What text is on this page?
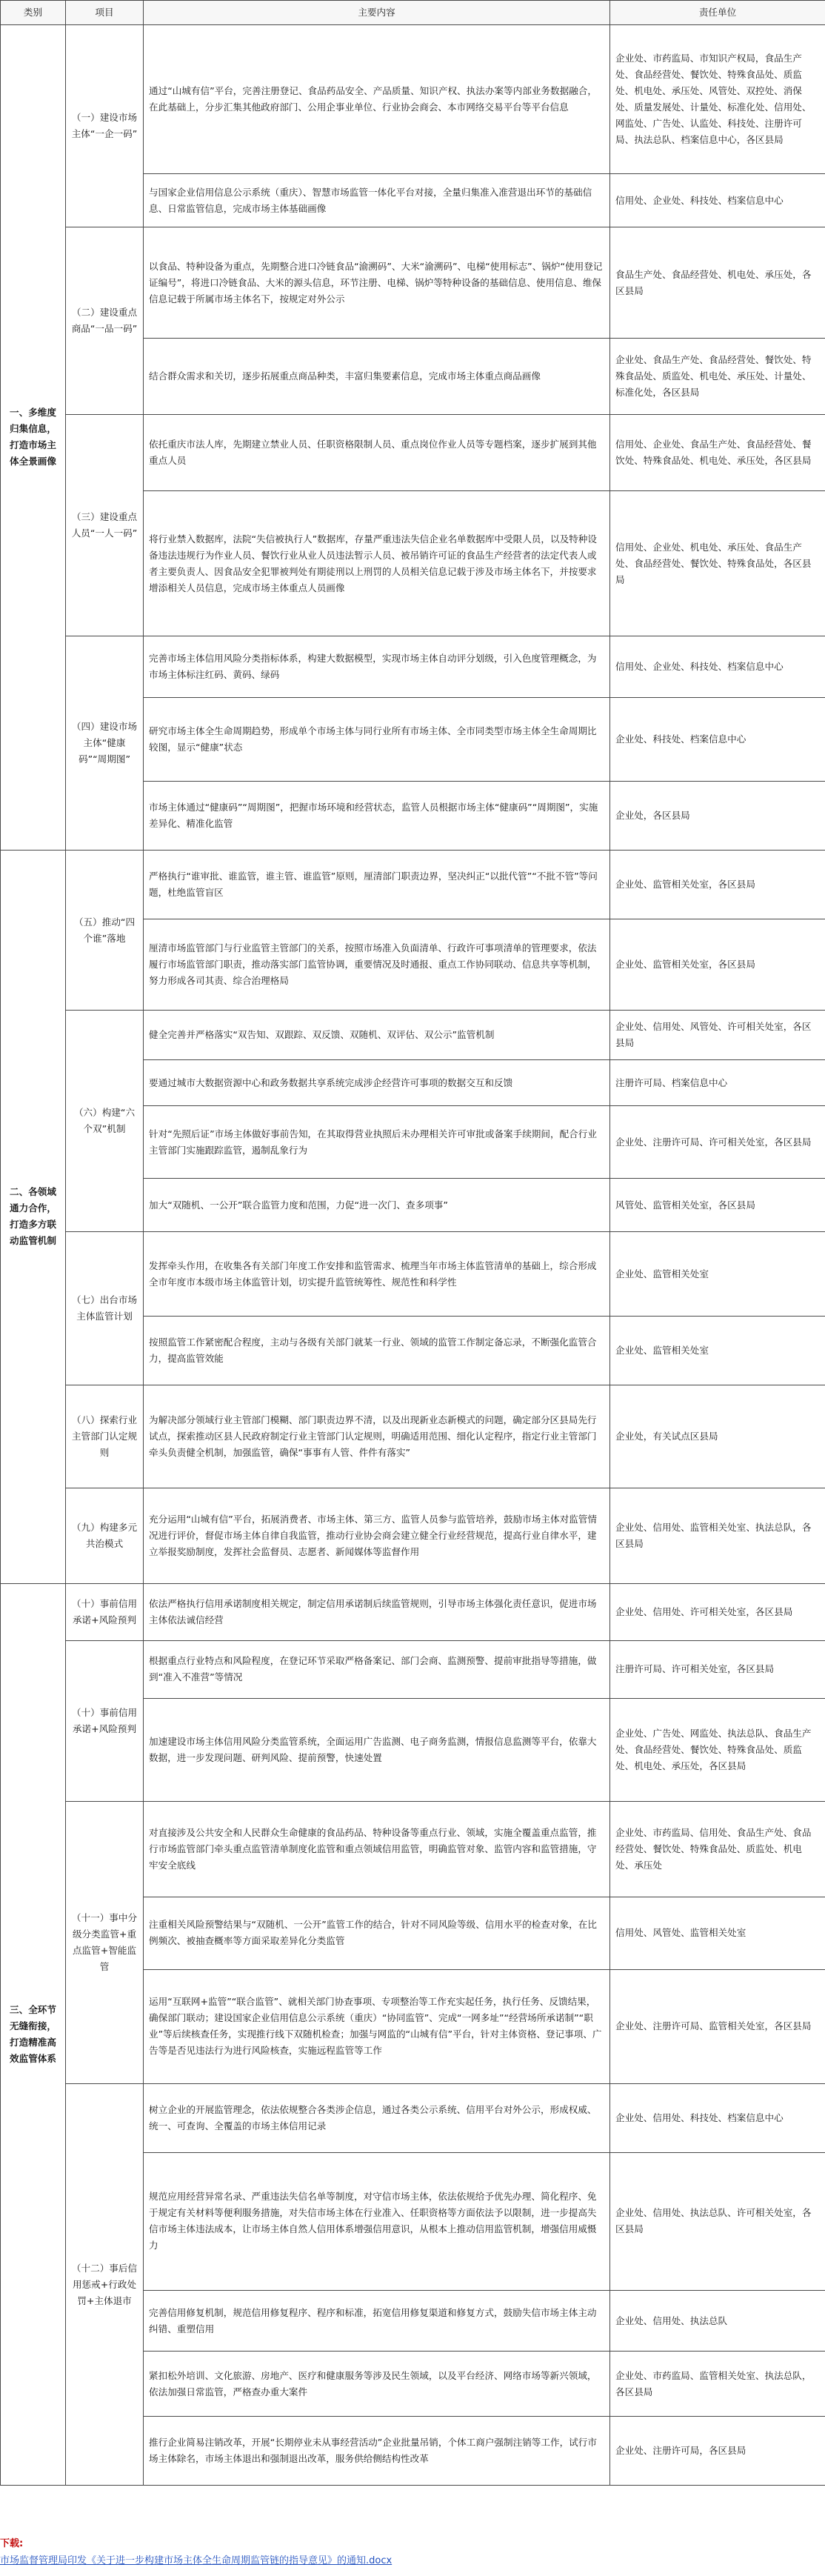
类别	项目	主要内容	责任单位
一、多维度归集信息，打造市场主体全景画像	（一）建设市场主体“一企一码”	通过“山城有信”平台，完善注册登记、食品药品安全、产品质量、知识产权、执法办案等内部业务数据融合，在此基础上，分步汇集其他政府部门、公用企事业单位、行业协会商会、本市网络交易平台等平台信息	企业处、市药监局、市知识产权局，食品生产处、食品经营处、餐饮处、特殊食品处、质监处、机电处、承压处、风管处、双控处、消保处、质量发展处、计量处、标准化处、信用处、网监处、广告处、认监处、科技处、注册许可局、执法总队、档案信息中心，各区县局
		与国家企业信用信息公示系统（重庆）、智慧市场监管一体化平台对接，全量归集准入准营退出环节的基础信息、日常监管信息，完成市场主体基础画像	信用处、企业处、科技处、档案信息中心
	（二）建设重点商品“一品一码”	以食品、特种设备为重点，先期整合进口冷链食品“渝溯码”、大米“渝溯码”、电梯“使用标志”、锅炉“使用登记证编号”，将进口冷链食品、大米的源头信息，环节注册、电梯、锅炉等特种设备的基础信息、使用信息、维保信息记载于所属市场主体名下，按规定对外公示	食品生产处、食品经营处、机电处、承压处，各区县局
		结合群众需求和关切，逐步拓展重点商品种类，丰富归集要素信息，完成市场主体重点商品画像	企业处、食品生产处、食品经营处、餐饮处、特殊食品处、质监处、机电处、承压处、计量处、标准化处，各区县局
	（三）建设重点人员“一人一码”	依托重庆市法人库，先期建立禁业人员、任职资格限制人员、重点岗位作业人员等专题档案，逐步扩展到其他重点人员	信用处、企业处、食品生产处、食品经营处、餐饮处、特殊食品处、机电处、承压处，各区县局
		将行业禁入数据库，法院“失信被执行人”数据库，存量严重违法失信企业名单数据库中受限人员，以及特种设备违法违规行为作业人员、餐饮行业从业人员违法暂示人员、被吊销许可证的食品生产经营者的法定代表人或者主要负责人、因食品安全犯罪被判处有期徒刑以上刑罚的人员相关信息记载于涉及市场主体名下，并按要求增添相关人员信息，完成市场主体重点人员画像	信用处、企业处、机电处、承压处、食品生产处、食品经营处、餐饮处、特殊食品处，各区县局
	（四）建设市场主体“健康码”“周期图”	完善市场主体信用风险分类指标体系，构建大数据模型，实现市场主体自动评分划级，引入色度管理概念，为市场主体标注红码、黄码、绿码	信用处、企业处、科技处、档案信息中心
		研究市场主体全生命周期趋势，形成单个市场主体与同行业所有市场主体、全市同类型市场主体全生命周期比较图，显示“健康”状态	企业处、科技处、档案信息中心
		市场主体通过“健康码”“周期图”，把握市场环境和经营状态，监管人员根据市场主体“健康码”“周期图”，实施差异化、精准化监管	企业处，各区县局
二、各领域通力合作，打造多方联动监管机制	（五）推动“四个谁”落地	严格执行“谁审批、谁监管，谁主管、谁监管”原则，厘清部门职责边界，坚决纠正“以批代管”“不批不管”等问题，杜绝监管盲区	企业处、监管相关处室，各区县局
		厘清市场监管部门与行业监管主管部门的关系，按照市场准入负面清单、行政许可事项清单的管理要求，依法履行市场监管部门职责，推动落实部门监管协调，重要情况及时通报、重点工作协同联动、信息共享等机制，努力形成各司其责、综合治理格局	企业处、监管相关处室，各区县局
	（六）构建“六个双”机制	健全完善并严格落实“双告知、双跟踪、双反馈、双随机、双评估、双公示”监管机制	企业处、信用处、风管处、许可相关处室，各区县局
		要通过城市大数据资源中心和政务数据共享系统完成涉企经营许可事项的数据交互和反馈	注册许可局、档案信息中心
		针对“先照后证”市场主体做好事前告知，在其取得营业执照后未办理相关许可审批或备案手续期间，配合行业主管部门实施跟踪监管，遏制乱象行为	企业处、注册许可局、许可相关处室，各区县局
		加大“双随机、一公开”联合监管力度和范围，力促“进一次门、查多项事”	风管处、监管相关处室，各区县局
	（七）出台市场主体监管计划	发挥牵头作用，在收集各有关部门年度工作安排和监管需求、梳理当年市场主体监管清单的基础上，综合形成全市年度市本级市场主体监管计划，切实提升监管统筹性、规范性和科学性	企业处、监管相关处室
		按照监管工作紧密配合程度，主动与各级有关部门就某一行业、领域的监管工作制定备忘录，不断强化监管合力，提高监管效能	企业处、监管相关处室
	（八）探索行业主管部门认定规则	为解决部分领域行业主管部门模糊、部门职责边界不清，以及出现新业态新模式的问题，确定部分区县局先行试点，探索推动区县人民政府制定行业主管部门认定规则，明确适用范围、细化认定程序，指定行业主管部门牵头负责健全机制，加强监管，确保“事事有人管、件件有落实”	企业处，有关试点区县局
	（九）构建多元共治模式	充分运用“山城有信”平台，拓展消费者、市场主体、第三方、监管人员参与监管培养，鼓励市场主体对监管情况进行评价，督促市场主体自律自我监管，推动行业协会商会建立健全行业经营规范，提高行业自律水平，建立举报奖励制度，发挥社会监督员、志愿者、新闻媒体等监督作用	企业处、信用处、监管相关处室、执法总队，各区县局
三、全环节无缝衔接，打造精准高效监管体系	（十）事前信用承诺+风险预判	依法严格执行信用承诺制度相关规定，制定信用承诺制后续监管规则，引导市场主体强化责任意识，促进市场主体依法诚信经营	企业处、信用处、许可相关处室，各区县局
	（十）事前信用承诺+风险预判	根据重点行业特点和风险程度，在登记环节采取严格备案记、部门会商、监测预警、提前审批指导等措施，做到“准入不准营”等情况	注册许可局、许可相关处室，各区县局
		加速建设市场主体信用风险分类监管系统，全面运用广告监测、电子商务监测，情报信息监测等平台，依靠大数据，进一步发现问题、研判风险、提前预警，快速处置	企业处、广告处、网监处、执法总队、食品生产处、食品经营处、餐饮处、特殊食品处、质监处、机电处、承压处，各区县局
	（十一）事中分级分类监管+重点监管+智能监管	对直接涉及公共安全和人民群众生命健康的食品药品、特种设备等重点行业、领域，实施全覆盖重点监管，推行市场监管部门牵头重点监管清单制度化监管和重点领域信用监管，明确监管对象、监管内容和监管措施，守牢安全底线	企业处、市药监局、信用处、食品生产处、食品经营处、餐饮处、特殊食品处、质监处、机电处、承压处
		注重相关风险预警结果与“双随机、一公开”监管工作的结合，针对不同风险等级、信用水平的检查对象，在比例频次、被抽查概率等方面采取差异化分类监管	信用处、风管处、监管相关处室
		运用“互联网+监管”“联合监管”、就相关部门协查事项、专项整治等工作充实起任务，执行任务、反馈结果，确保部门联动；建设国家企业信用信息公示系统（重庆）“协同监管”、完成“一网多址”“经营场所承诺制”“职业”等后续核查任务，实现推行线下双随机检查；加强与网监的“山城有信”平台，针对主体资格、登记事项、广告等是否见违法行为进行风险核查，实施远程监管等工作	企业处、注册许可局、监管相关处室，各区县局
	（十二）事后信用惩戒+行政处罚+主体退市	树立企业的开展监管理念，依法依规整合各类涉企信息，通过各类公示系统、信用平台对外公示，形成权威、统一、可查询、全覆盖的市场主体信用记录	企业处、信用处、科技处、档案信息中心
		规范应用经营异常名录、严重违法失信名单等制度，对守信市场主体，依法依规给予优先办理、简化程序、免于规定有关材料等便利服务措施，对失信市场主体在行业准入、任职资格等方面依法予以限制，进一步提高失信市场主体违法成本，让市场主体自然人信用体系增强信用意识，从根本上推动信用监管机制，增强信用威慑力	企业处、信用处、执法总队、许可相关处室，各区县局
		完善信用修复机制，规范信用修复程序、程序和标准，拓宽信用修复渠道和修复方式，鼓励失信市场主体主动纠错、重塑信用	企业处、信用处、执法总队
		紧扣松外培训、文化旅游、房地产、医疗和健康服务等涉及民生领域，以及平台经济、网络市场等新兴领域，依法加强日常监管，严格查办重大案件	企业处、市药监局、监管相关处室、执法总队，各区县局
		推行企业简易注销改革，开展“长期停业未从事经营活动”企业批量吊销，个体工商户强制注销等工作，试行市场主体除名，市场主体退出和强制退出改革，服务供给侧结构性改革	企业处、注册许可局，各区县局
下载:
市场监督管理局印发《关于进一步构建市场主体全生命周期监管链的指导意见》的通知.docx
